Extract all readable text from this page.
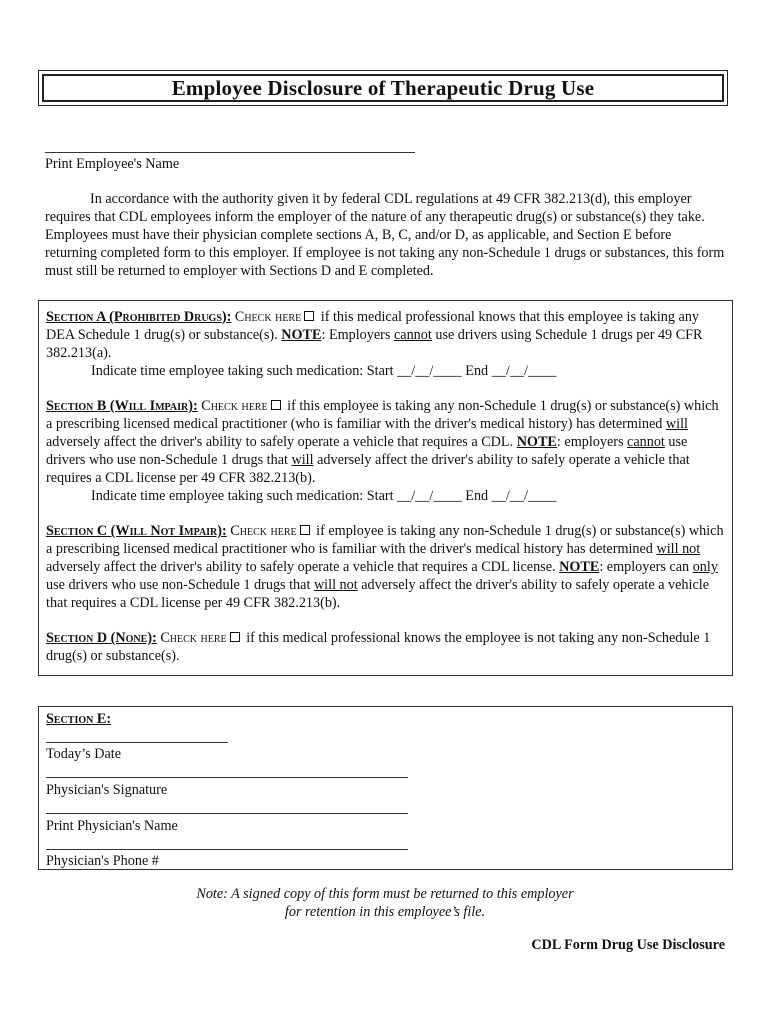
Employee Disclosure of Therapeutic Drug Use
Print Employee's Name

In accordance with the authority given it by federal CDL regulations at 49 CFR 382.213(d), this employer requires that CDL employees inform the employer of the nature of any therapeutic drug(s) or substance(s) they take. Employees must have their physician complete sections A, B, C, and/or D, as applicable, and Section E before returning completed form to this employer. If employee is not taking any non-Schedule 1 drugs or substances, this form must still be returned to employer with Sections D and E completed.

Section A (Prohibited Drugs): Check here if this medical professional knows that this employee is taking any DEA Schedule 1 drug(s) or substance(s). NOTE: Employers cannot use drivers using Schedule 1 drugs per 49 CFR 382.213(a).

Indicate time employee taking such medication: Start __/__/____ End __/__/____

Section B (Will Impair): Check here if this employee is taking any non-Schedule 1 drug(s) or substance(s) which a prescribing licensed medical practitioner (who is familiar with the driver's medical history) has determined will adversely affect the driver's ability to safely operate a vehicle that requires a CDL. NOTE: employers cannot use drivers who use non-Schedule 1 drugs that will adversely affect the driver's ability to safely operate a vehicle that requires a CDL license per 49 CFR 382.213(b).

Indicate time employee taking such medication: Start __/__/____ End __/__/____

Section C (Will Not Impair): Check here if employee is taking any non-Schedule 1 drug(s) or substance(s) which a prescribing licensed medical practitioner who is familiar with the driver's medical history has determined will not adversely affect the driver's ability to safely operate a vehicle that requires a CDL license. NOTE: employers can only use drivers who use non-Schedule 1 drugs that will not adversely affect the driver's ability to safely operate a vehicle that requires a CDL license per 49 CFR 382.213(b).

Section D (None): Check here if this medical professional knows the employee is not taking any non-Schedule 1 drug(s) or substance(s).

Section E:
Today’s Date
Physician's Signature
Print Physician's Name
Physician's Phone #
Note: A signed copy of this form must be returned to this employer
for retention in this employee’s file.
CDL Form Drug Use Disclosure
